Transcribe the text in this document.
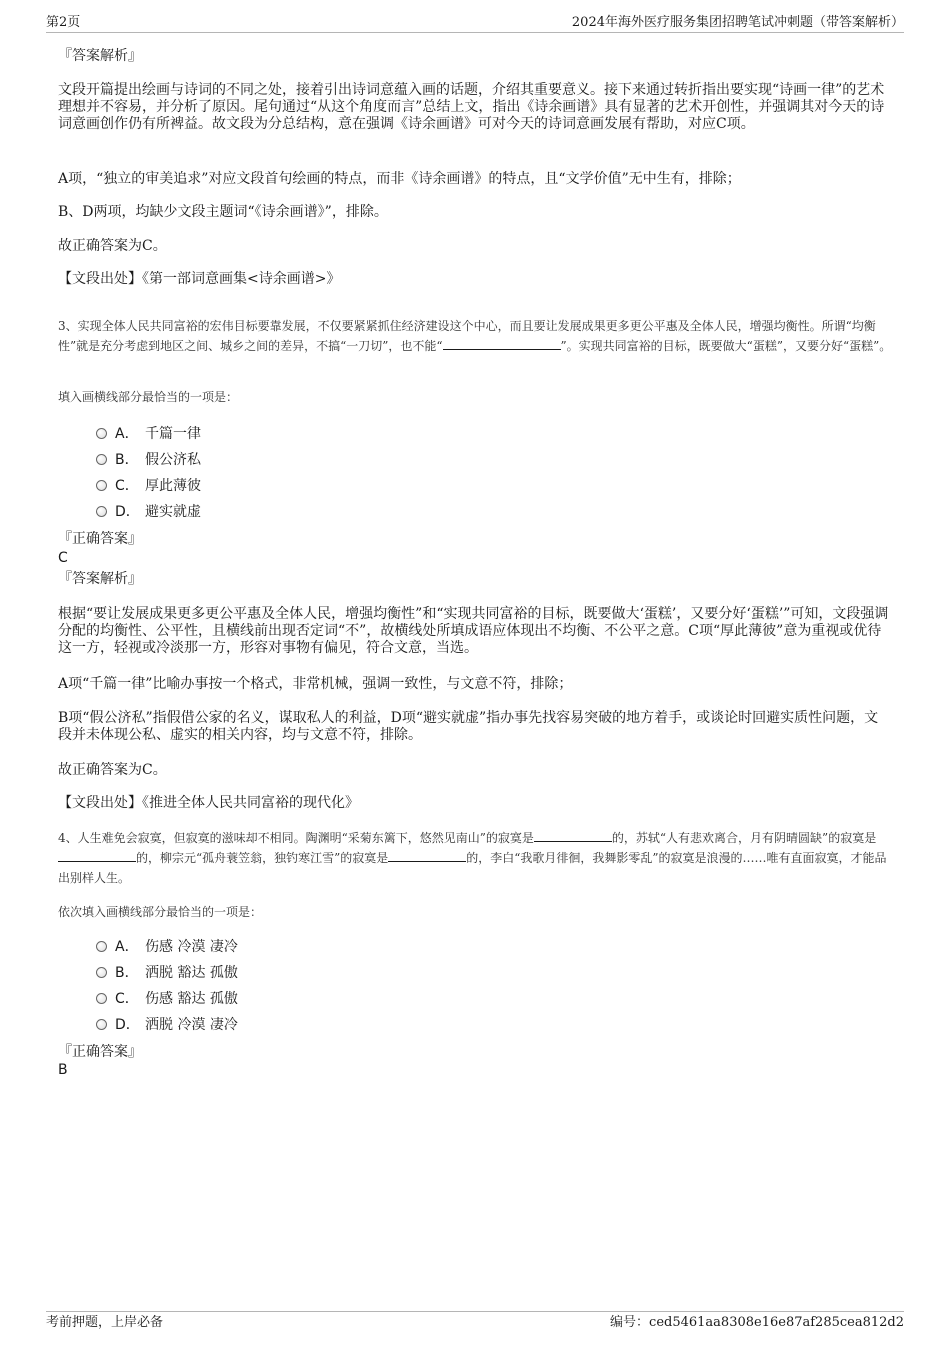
第2页	2024年海外医疗服务集团招聘笔试冲刺题（带答案解析）
『答案解析』
文段开篇提出绘画与诗词的不同之处，接着引出诗词意蕴入画的话题，介绍其重要意义。接下来通过转折指出要实现“诗画一律”的艺术理想并不容易，并分析了原因。尾句通过“从这个角度而言”总结上文，指出《诗余画谱》具有显著的艺术开创性，并强调其对今天的诗词意画创作仍有所裨益。故文段为分总结构，意在强调《诗余画谱》可对今天的诗词意画发展有帮助，对应C项。
A项，“独立的审美追求”对应文段首句绘画的特点，而非《诗余画谱》的特点，且“文学价值”无中生有，排除；
B、D两项，均缺少文段主题词“《诗余画谱》”，排除。
故正确答案为C。
【文段出处】《第一部词意画集<诗余画谱>》
3、实现全体人民共同富裕的宏伟目标要靠发展，不仅要紧紧抓住经济建设这个中心，而且要让发展成果更多更公平惠及全体人民，增强均衡性。所谓“均衡性”就是充分考虑到地区之间、城乡之间的差异，不搞“一刀切”，也不能“	”。实现共同富裕的目标，既要做大“蛋糕”，又要分好“蛋糕”。
填入画横线部分最恰当的一项是：
A． 千篇一律
B． 假公济私
C． 厚此薄彼
D． 避实就虚
『正确答案』
C
『答案解析』
根据“要让发展成果更多更公平惠及全体人民，增强均衡性”和“实现共同富裕的目标，既要做大‘蛋糕’，又要分好‘蛋糕’”可知，文段强调分配的均衡性、公平性，且横线前出现否定词“不”，故横线处所填成语应体现出不均衡、不公平之意。C项“厚此薄彼”意为重视或优待这一方，轻视或冷淡那一方，形容对事物有偏见，符合文意，当选。
A项“千篇一律”比喻办事按一个格式，非常机械，强调一致性，与文意不符，排除；
B项“假公济私”指假借公家的名义，谋取私人的利益，D项“避实就虚”指办事先找容易突破的地方着手，或谈论时回避实质性问题，文段并未体现公私、虚实的相关内容，均与文意不符，排除。
故正确答案为C。
【文段出处】《推进全体人民共同富裕的现代化》
4、人生难免会寂寞，但寂寞的滋味却不相同。陶渊明“采菊东篱下，悠然见南山”的寂寞是	的，苏轼“人有悲欢离合，月有阴晴圆缺”的寂寞是的，柳宗元“孤舟蓑笠翁，独钓寒江雪”的寂寞是	的，李白“我歌月徘徊，我舞影零乱”的寂寞是浪漫的……唯有直面寂寞，才能品出别样人生。
依次填入画横线部分最恰当的一项是：
A． 伤感 冷漠 凄冷
B． 洒脱 豁达 孤傲
C． 伤感 豁达 孤傲
D． 洒脱 冷漠 凄冷
『正确答案』
B
考前押题，上岸必备	编号：ced5461aa8308e16e87af285cea812d2
